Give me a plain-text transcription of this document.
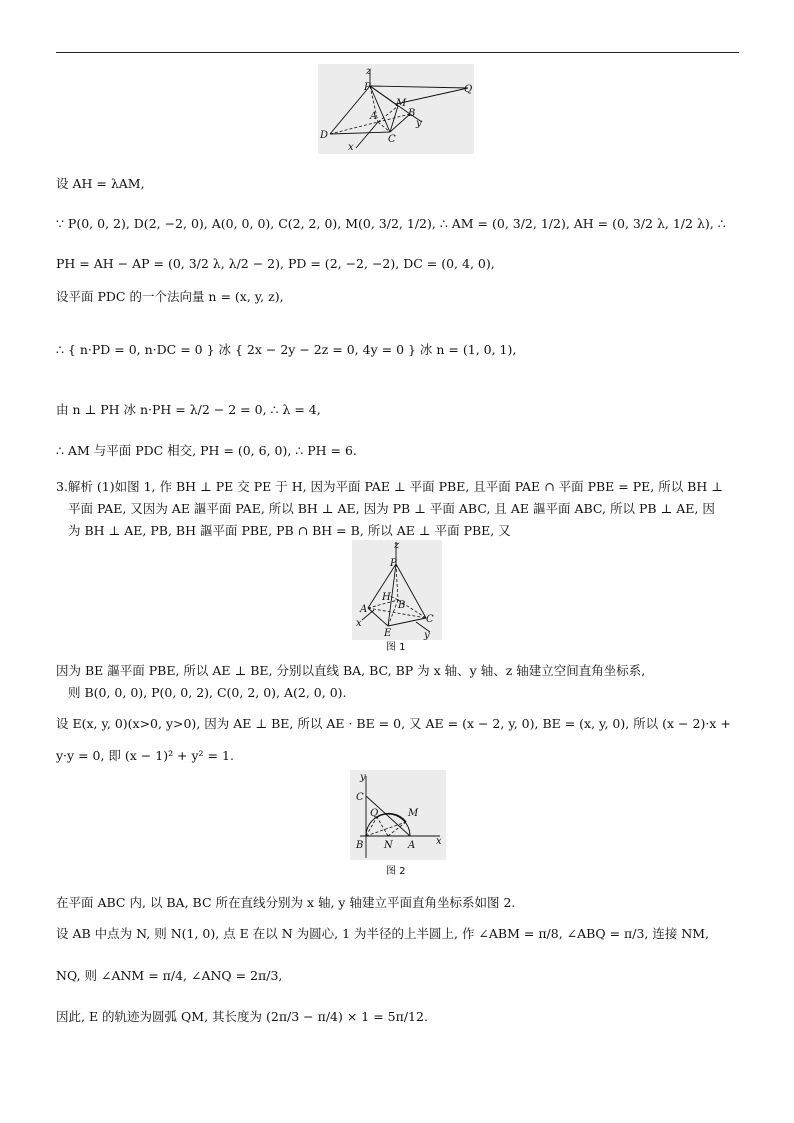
z
P	Q
M
A	B
y
D	C
x
设 AH = λAM,
∵ P(0, 0, 2), D(2, −2, 0), A(0, 0, 0), C(2, 2, 0), M(0, 3/2, 1/2), ∴ AM = (0, 3/2, 1/2), AH = (0, 3/2 λ, 1/2 λ), ∴
PH = AH − AP = (0, 3/2 λ, λ/2 − 2), PD = (2, −2, −2), DC = (0, 4, 0),
设平面 PDC 的一个法向量 n = (x, y, z),
∴ { n·PD = 0, n·DC = 0 } 冰 { 2x − 2y − 2z = 0, 4y = 0 } 冰 n = (1, 0, 1),
由 n ⊥ PH 冰 n·PH = λ/2 − 2 = 0, ∴ λ = 4,
∴ AM 与平面 PDC 相交, PH = (0, 6, 0), ∴ PH = 6.
3.解析 (1)如图 1, 作 BH ⊥ PE 交 PE 于 H, 因为平面 PAE ⊥ 平面 PBE, 且平面 PAE ∩ 平面 PBE = PE, 所以 BH ⊥
平面 PAE, 又因为 AE 謳平面 PAE, 所以 BH ⊥ AE, 因为 PB ⊥ 平面 ABC, 且 AE 謳平面 ABC, 所以 PB ⊥ AE, 因
为 BH ⊥ AE, PB, BH 謳平面 PBE, PB ∩ BH = B, 所以 AE ⊥ 平面 PBE, 又
z
P
H
B
A
x
E
C
y
图 1
因为 BE 謳平面 PBE, 所以 AE ⊥ BE, 分别以直线 BA, BC, BP 为 x 轴、y 轴、z 轴建立空间直角坐标系,
则 B(0, 0, 0), P(0, 0, 2), C(0, 2, 0), A(2, 0, 0).
设 E(x, y, 0)(x>0, y>0), 因为 AE ⊥ BE, 所以 AE · BE = 0, 又 AE = (x − 2, y, 0), BE = (x, y, 0), 所以 (x − 2)·x +
y·y = 0, 即 (x − 1)² + y² = 1.
y
C
Q	M
B N A x
图 2
在平面 ABC 内, 以 BA, BC 所在直线分别为 x 轴, y 轴建立平面直角坐标系如图 2.
设 AB 中点为 N, 则 N(1, 0), 点 E 在以 N 为圆心, 1 为半径的上半圆上, 作 ∠ABM = π/8, ∠ABQ = π/3, 连接 NM,
NQ, 则 ∠ANM = π/4, ∠ANQ = 2π/3,
因此, E 的轨迹为圆弧 QM, 其长度为 (2π/3 − π/4) × 1 = 5π/12.
